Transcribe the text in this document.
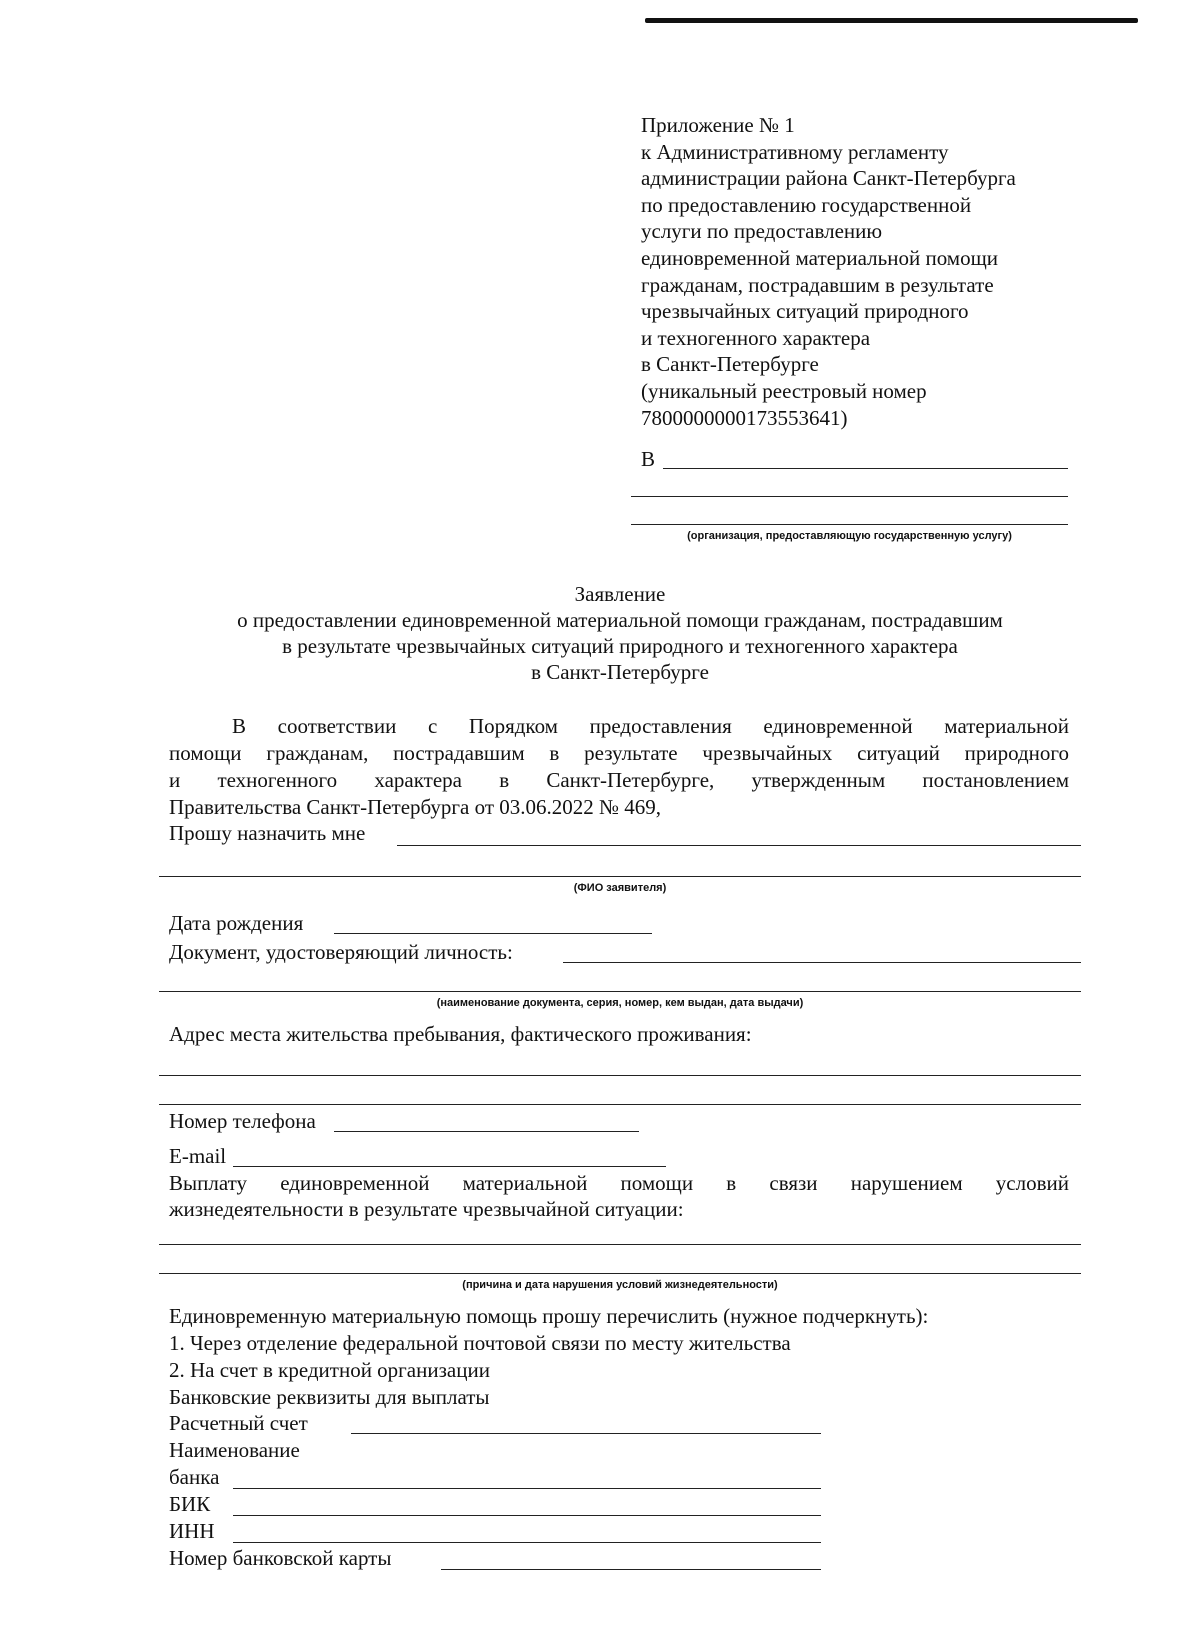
Приложение № 1
к Административному регламенту
администрации района Санкт-Петербурга
по предоставлению государственной
услуги по предоставлению
единовременной материальной помощи
гражданам, пострадавшим в результате
чрезвычайных ситуаций природного
и техногенного характера
в Санкт-Петербурге
(уникальный реестровый номер
7800000000173553641)
В
(организация, предоставляющую государственную услугу)
Заявление
о предоставлении единовременной материальной помощи гражданам, пострадавшим
в результате чрезвычайных ситуаций природного и техногенного характера
в Санкт-Петербурге
В соответствии с Порядком предоставления единовременной материальной
помощи гражданам, пострадавшим в результате чрезвычайных ситуаций природного
и техногенного характера в Санкт-Петербурге, утвержденным постановлением
Правительства Санкт-Петербурга от 03.06.2022 № 469,
Прошу назначить мне
(ФИО заявителя)
Дата рождения
Документ, удостоверяющий личность:
(наименование документа, серия, номер, кем выдан, дата выдачи)
Адрес места жительства пребывания, фактического проживания:
Номер телефона
E-mail
Выплату единовременной материальной помощи в связи нарушением условий
жизнедеятельности в результате чрезвычайной ситуации:
(причина и дата нарушения условий жизнедеятельности)
Единовременную материальную помощь прошу перечислить (нужное подчеркнуть):
1. Через отделение федеральной почтовой связи по месту жительства
2. На счет в кредитной организации
Банковские реквизиты для выплаты
Расчетный счет
Наименование
банка
БИК
ИНН
Номер банковской карты
